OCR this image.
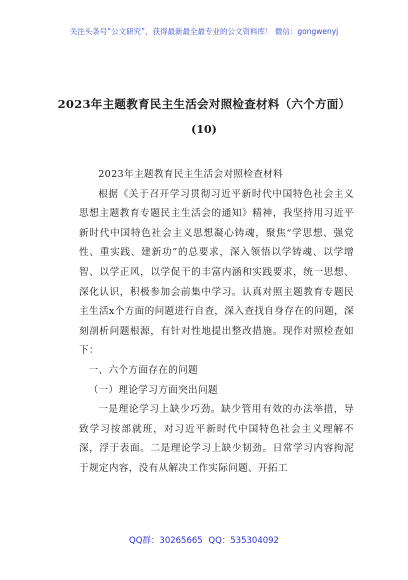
关注头条号“公文研究”，获得最新最全最专业的公文资料库！ 微信：gongwenyj
2023年主题教育民主生活会对照检查材料（六个方面）
(10)

2023年主题教育民主生活会对照检查材料

根据《关于召开学习贯彻习近平新时代中国特色社会主义思想主题教育专题民主生活会的通知》精神，我坚持用习近平新时代中国特色社会主义思想凝心铸魂，聚焦“学思想、强党性、重实践、建新功”的总要求，深入领悟以学铸魂、以学增智、以学正风，以学促干的丰富内涵和实践要求，统一思想、深化认识，积极参加会前集中学习。认真对照主题教育专题民主生活x个方面的问题进行自查，深入查找自身存在的问题，深刻剖析问题根源，有针对性地提出整改措施。现作对照检查如下：

一、六个方面存在的问题

（一）理论学习方面突出问题

一是理论学习上缺少巧劲。缺少管用有效的办法举措，导致学习按部就班，对习近平新时代中国特色社会主义理解不深，浮于表面。二是理论学习上缺少韧劲。日常学习内容拘泥于规定内容，没有从解决工作实际问题、开拓工

QQ群：30265665 QQ：535304092
